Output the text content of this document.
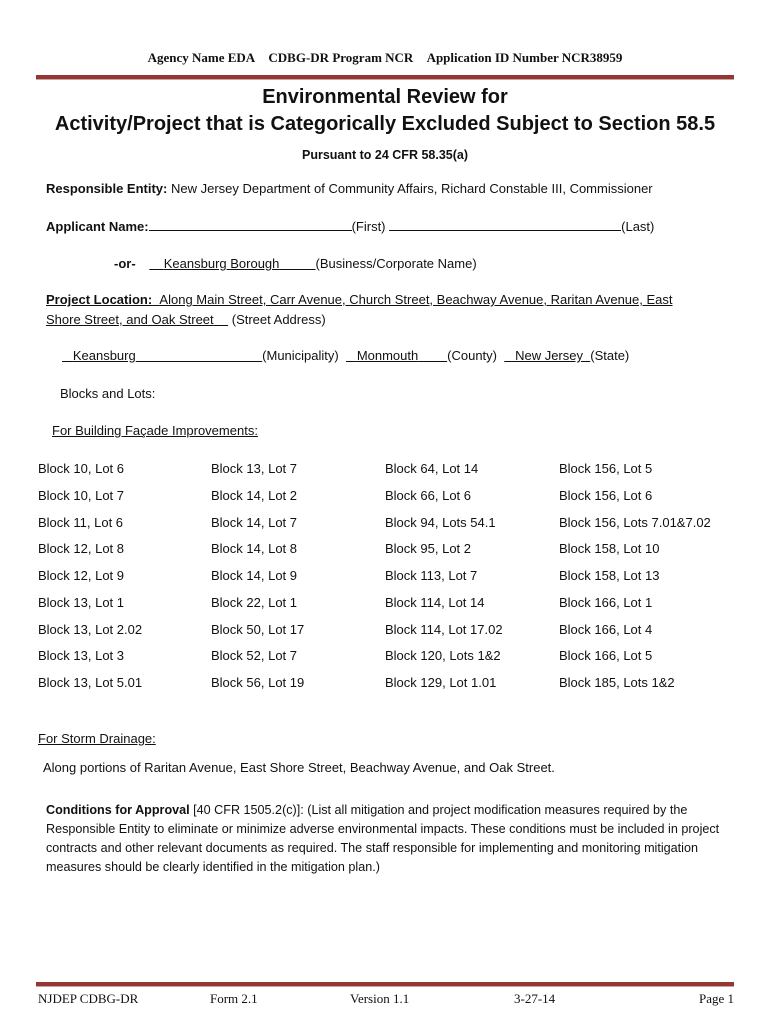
Agency Name EDA CDBG-DR Program NCR Application ID Number NCR38959
Environmental Review for
Activity/Project that is Categorically Excluded Subject to Section 58.5
Pursuant to 24 CFR 58.35(a)
Responsible Entity: New Jersey Department of Community Affairs, Richard Constable III, Commissioner
Applicant Name:	(First)	(Last)
-or- Keansburg Borough	(Business/Corporate Name)
Project Location: Along Main Street, Carr Avenue, Church Street, Beachway Avenue, Raritan Avenue, East
Shore Street, and Oak Street (Street Address)
Keansburg	(Municipality) Monmouth (County) New Jersey (State)
Blocks and Lots:
For Building Façade Improvements:
Block 10, Lot 6	Block 13, Lot 7	Block 64, Lot 14	Block 156, Lot 5
Block 10, Lot 7	Block 14, Lot 2	Block 66, Lot 6	Block 156, Lot 6
Block 11, Lot 6	Block 14, Lot 7	Block 94, Lots 54.1	Block 156, Lots 7.01&7.02
Block 12, Lot 8	Block 14, Lot 8	Block 95, Lot 2	Block 158, Lot 10
Block 12, Lot 9	Block 14, Lot 9	Block 113, Lot 7	Block 158, Lot 13
Block 13, Lot 1	Block 22, Lot 1	Block 114, Lot 14	Block 166, Lot 1
Block 13, Lot 2.02	Block 50, Lot 17	Block 114, Lot 17.02	Block 166, Lot 4
Block 13, Lot 3	Block 52, Lot 7	Block 120, Lots 1&2	Block 166, Lot 5
Block 13, Lot 5.01	Block 56, Lot 19	Block 129, Lot 1.01	Block 185, Lots 1&2
For Storm Drainage:
Along portions of Raritan Avenue, East Shore Street, Beachway Avenue, and Oak Street.
Conditions for Approval [40 CFR 1505.2(c)]: (List all mitigation and project modification measures required by the Responsible Entity to eliminate or minimize adverse environmental impacts. These conditions must be included in project contracts and other relevant documents as required. The staff responsible for implementing and monitoring mitigation measures should be clearly identified in the mitigation plan.)
NJDEP CDBG-DR	Form 2.1	Version 1.1	3-27-14	Page 1
